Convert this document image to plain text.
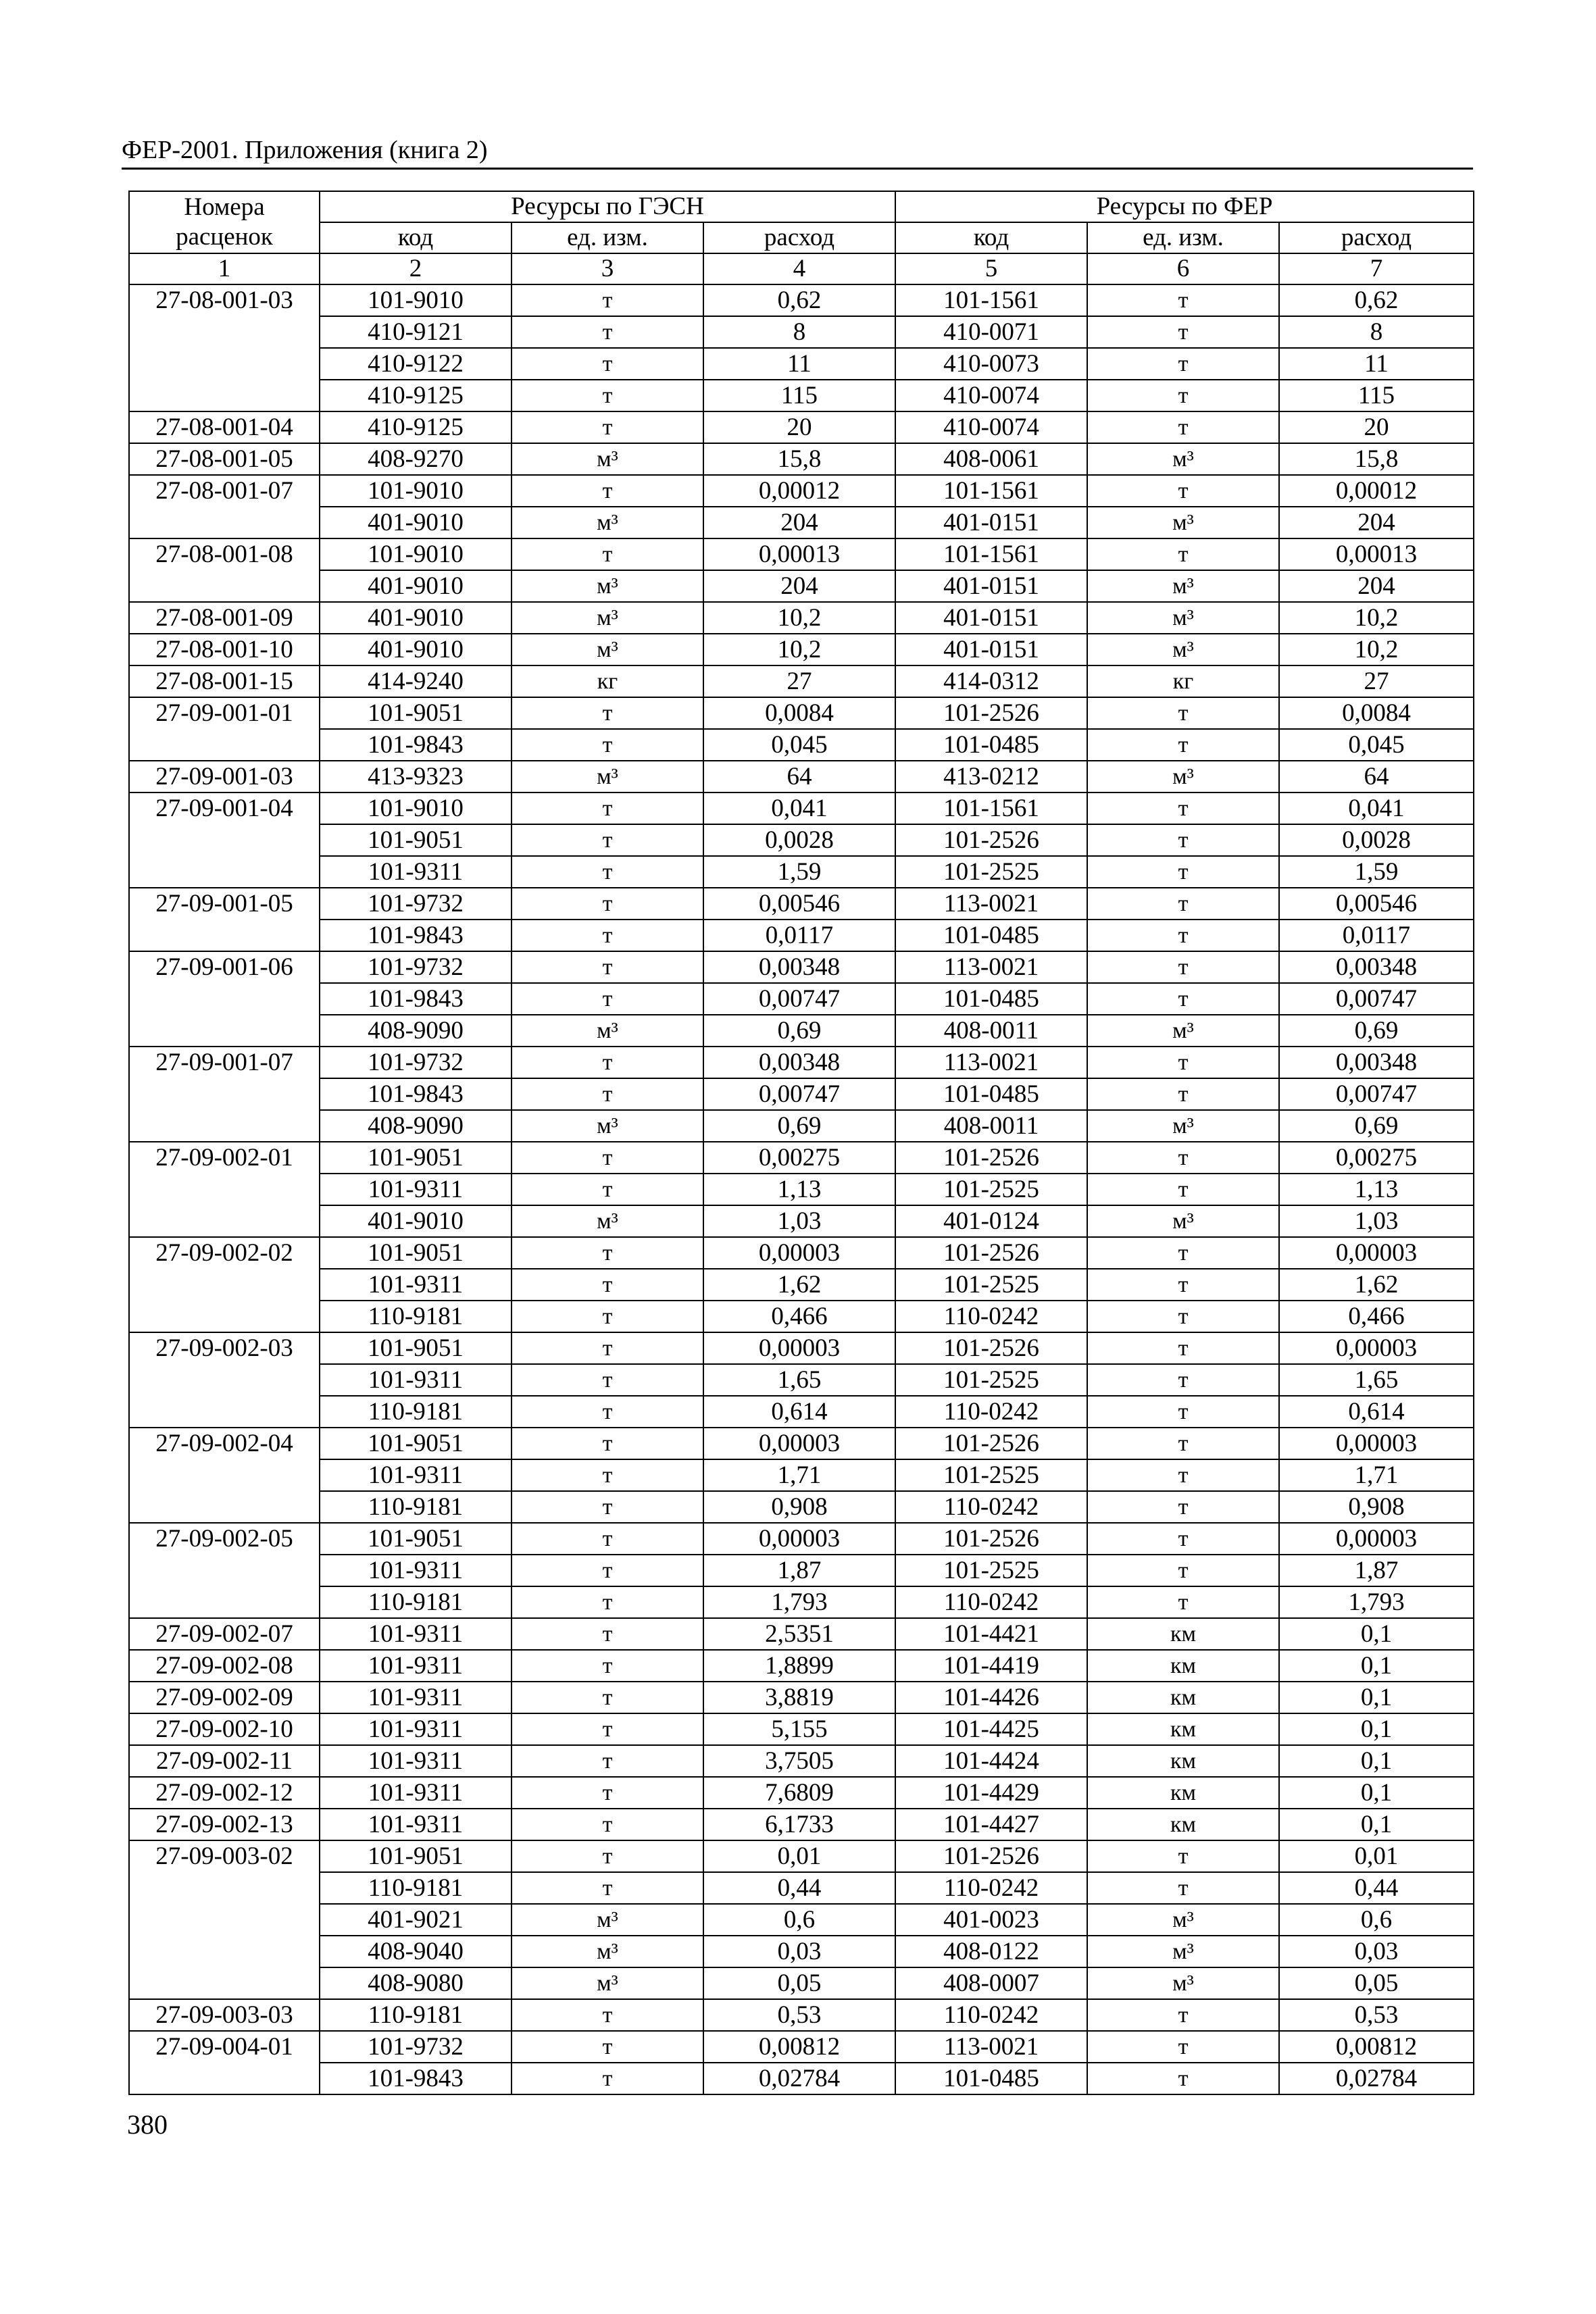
ФЕР-2001. Приложения (книга 2)
Номера расценок	Ресурсы по ГЭСН			Ресурсы по ФЕР		
	код	ед. изм.	расход	код	ед. изм.	расход
1	2	3	4	5	6	7
27-08-001-03	101-9010	т	0,62	101-1561	т	0,62
	410-9121	т	8	410-0071	т	8
	410-9122	т	11	410-0073	т	11
	410-9125	т	115	410-0074	т	115
27-08-001-04	410-9125	т	20	410-0074	т	20
27-08-001-05	408-9270	м³	15,8	408-0061	м³	15,8
27-08-001-07	101-9010	т	0,00012	101-1561	т	0,00012
	401-9010	м³	204	401-0151	м³	204
27-08-001-08	101-9010	т	0,00013	101-1561	т	0,00013
	401-9010	м³	204	401-0151	м³	204
27-08-001-09	401-9010	м³	10,2	401-0151	м³	10,2
27-08-001-10	401-9010	м³	10,2	401-0151	м³	10,2
27-08-001-15	414-9240	кг	27	414-0312	кг	27
27-09-001-01	101-9051	т	0,0084	101-2526	т	0,0084
	101-9843	т	0,045	101-0485	т	0,045
27-09-001-03	413-9323	м³	64	413-0212	м³	64
27-09-001-04	101-9010	т	0,041	101-1561	т	0,041
	101-9051	т	0,0028	101-2526	т	0,0028
	101-9311	т	1,59	101-2525	т	1,59
27-09-001-05	101-9732	т	0,00546	113-0021	т	0,00546
	101-9843	т	0,0117	101-0485	т	0,0117
27-09-001-06	101-9732	т	0,00348	113-0021	т	0,00348
	101-9843	т	0,00747	101-0485	т	0,00747
	408-9090	м³	0,69	408-0011	м³	0,69
27-09-001-07	101-9732	т	0,00348	113-0021	т	0,00348
	101-9843	т	0,00747	101-0485	т	0,00747
	408-9090	м³	0,69	408-0011	м³	0,69
27-09-002-01	101-9051	т	0,00275	101-2526	т	0,00275
	101-9311	т	1,13	101-2525	т	1,13
	401-9010	м³	1,03	401-0124	м³	1,03
27-09-002-02	101-9051	т	0,00003	101-2526	т	0,00003
	101-9311	т	1,62	101-2525	т	1,62
	110-9181	т	0,466	110-0242	т	0,466
27-09-002-03	101-9051	т	0,00003	101-2526	т	0,00003
	101-9311	т	1,65	101-2525	т	1,65
	110-9181	т	0,614	110-0242	т	0,614
27-09-002-04	101-9051	т	0,00003	101-2526	т	0,00003
	101-9311	т	1,71	101-2525	т	1,71
	110-9181	т	0,908	110-0242	т	0,908
27-09-002-05	101-9051	т	0,00003	101-2526	т	0,00003
	101-9311	т	1,87	101-2525	т	1,87
	110-9181	т	1,793	110-0242	т	1,793
27-09-002-07	101-9311	т	2,5351	101-4421	км	0,1
27-09-002-08	101-9311	т	1,8899	101-4419	км	0,1
27-09-002-09	101-9311	т	3,8819	101-4426	км	0,1
27-09-002-10	101-9311	т	5,155	101-4425	км	0,1
27-09-002-11	101-9311	т	3,7505	101-4424	км	0,1
27-09-002-12	101-9311	т	7,6809	101-4429	км	0,1
27-09-002-13	101-9311	т	6,1733	101-4427	км	0,1
27-09-003-02	101-9051	т	0,01	101-2526	т	0,01
	110-9181	т	0,44	110-0242	т	0,44
	401-9021	м³	0,6	401-0023	м³	0,6
	408-9040	м³	0,03	408-0122	м³	0,03
	408-9080	м³	0,05	408-0007	м³	0,05
27-09-003-03	110-9181	т	0,53	110-0242	т	0,53
27-09-004-01	101-9732	т	0,00812	113-0021	т	0,00812
	101-9843	т	0,02784	101-0485	т	0,02784
380
